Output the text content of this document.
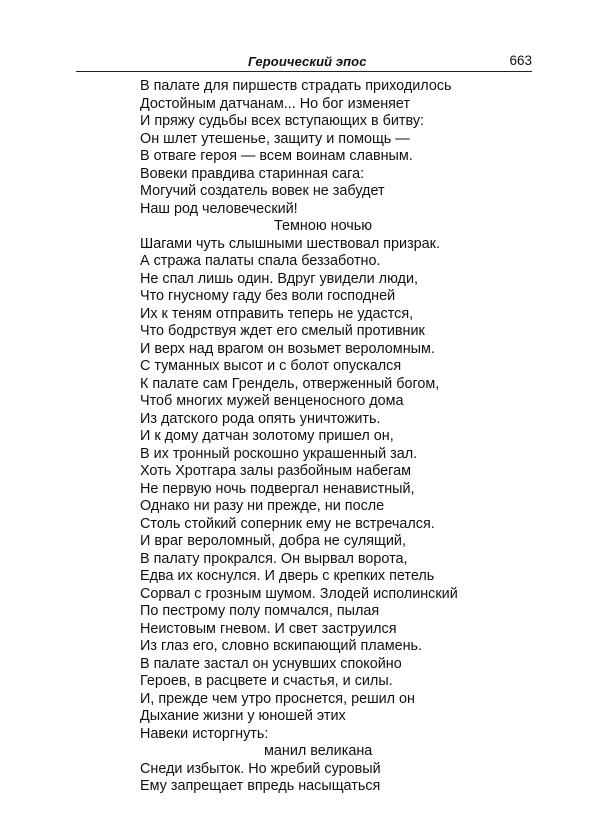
Героический эпос	663
В палате для пиршеств страдать приходилось
Достойным датчанам... Но бог изменяет
И пряжу судьбы всех вступающих в битву:
Он шлет утешенье, защиту и помощь —
В отваге героя — всем воинам славным.
Вовеки правдива старинная сага:
Могучий создатель вовек не забудет
Наш род человеческий!
Темною ночью
Шагами чуть слышными шествовал призрак.
А стража палаты спала беззаботно.
Не спал лишь один. Вдруг увидели люди,
Что гнусному гаду без воли господней
Их к теням отправить теперь не удастся,
Что бодрствуя ждет его смелый противник
И верх над врагом он возьмет вероломным.
С туманных высот и с болот опускался
К палате сам Грендель, отверженный богом,
Чтоб многих мужей венценосного дома
Из датского рода опять уничтожить.
И к дому датчан золотому пришел он,
В их тронный роскошно украшенный зал.
Хоть Хротгара залы разбойным набегам
Не первую ночь подвергал ненавистный,
Однако ни разу ни прежде, ни после
Столь стойкий соперник ему не встречался.
И враг вероломный, добра не сулящий,
В палату прокрался. Он вырвал ворота,
Едва их коснулся. И дверь с крепких петель
Сорвал с грозным шумом. Злодей исполинский
По пестрому полу помчался, пылая
Неистовым гневом. И свет заструился
Из глаз его, словно вскипающий пламень.
В палате застал он уснувших спокойно
Героев, в расцвете и счастья, и силы.
И, прежде чем утро проснется, решил он
Дыхание жизни у юношей этих
Навеки исторгнуть:
манил великана
Снеди избыток. Но жребий суровый
Ему запрещает впредь насыщаться
